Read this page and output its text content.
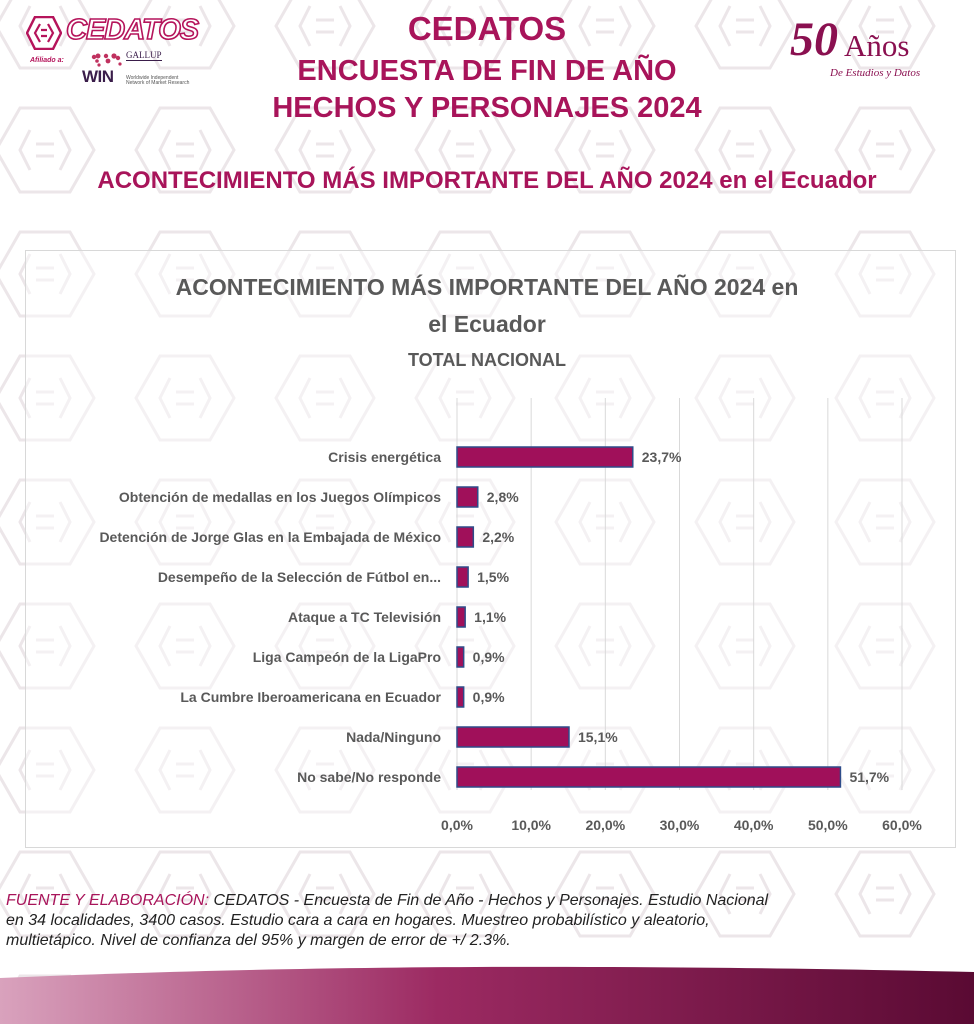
CEDATOS
Afiliado a:
WIN
GALLUP
Worldwide Independent Network of Market Research
CEDATOS
ENCUESTA DE FIN DE AÑO
HECHOS Y PERSONAJES 2024
50 Años
De Estudios y Datos
ACONTECIMIENTO MÁS IMPORTANTE DEL AÑO 2024 en el Ecuador
ACONTECIMIENTO MÁS IMPORTANTE DEL AÑO 2024 en
el Ecuador
TOTAL NACIONAL
Crisis energética
Obtención de medallas en los Juegos Olímpicos
Detención de Jorge Glas en la Embajada de México
Desempeño de la Selección de Fútbol en...
Ataque a TC Televisión
Liga Campeón de la LigaPro
La Cumbre Iberoamericana en Ecuador
Nada/Ninguno
No sabe/No responde
23,7%
2,8%
2,2%
1,5%
1,1%
0,9%
0,9%
15,1%
51,7%
0,0%	10,0% 20,0% 30,0% 40,0% 50,0% 60,0%
FUENTE Y ELABORACIÓN: CEDATOS - Encuesta de Fin de Año - Hechos y Personajes. Estudio Nacional
en 34 localidades, 3400 casos. Estudio cara a cara en hogares. Muestreo probabilístico y aleatorio,
multietápico. Nivel de confianza del 95% y margen de error de +/ 2.3%.
